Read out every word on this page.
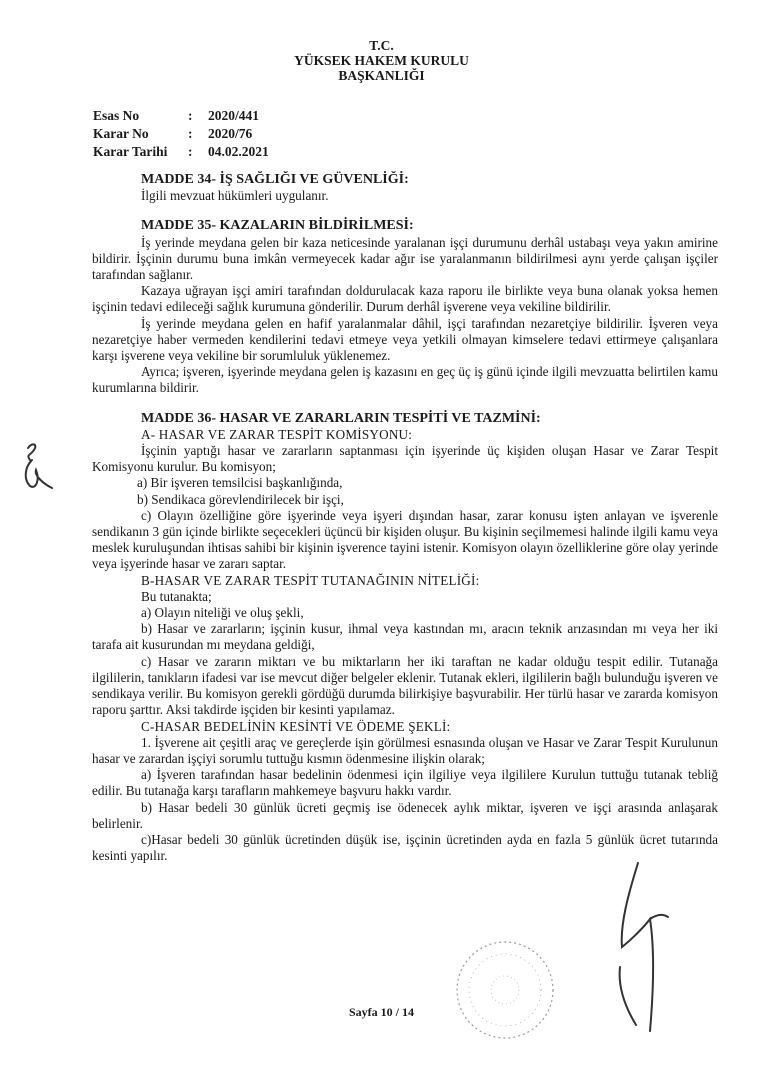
T.C.
YÜKSEK HAKEM KURULU
BAŞKANLIĞI
Esas No	:	2020/441
Karar No	:	2020/76
Karar Tarihi	:	04.02.2021
MADDE 34- İŞ SAĞLIĞI VE GÜVENLİĞİ:
İlgili mevzuat hükümleri uygulanır.
MADDE 35- KAZALARIN BİLDİRİLMESİ:

İş yerinde meydana gelen bir kaza neticesinde yaralanan işçi durumunu derhâl ustabaşı veya yakın amirine bildirir. İşçinin durumu buna imkân vermeyecek kadar ağır ise yaralanmanın bildirilmesi aynı yerde çalışan işçiler tarafından sağlanır.

Kazaya uğrayan işçi amiri tarafından doldurulacak kaza raporu ile birlikte veya buna olanak yoksa hemen işçinin tedavi edileceği sağlık kurumuna gönderilir. Durum derhâl işverene veya vekiline bildirilir.

İş yerinde meydana gelen en hafif yaralanmalar dâhil, işçi tarafından nezaretçiye bildirilir. İşveren veya nezaretçiye haber vermeden kendilerini tedavi etmeye veya yetkili olmayan kimselere tedavi ettirmeye çalışanlara karşı işverene veya vekiline bir sorumluluk yüklenemez.

Ayrıca; işveren, işyerinde meydana gelen iş kazasını en geç üç iş günü içinde ilgili mevzuatta belirtilen kamu kurumlarına bildirir.

MADDE 36- HASAR VE ZARARLARIN TESPİTİ VE TAZMİNİ:
A- HASAR VE ZARAR TESPİT KOMİSYONU:

İşçinin yaptığı hasar ve zararların saptanması için işyerinde üç kişiden oluşan Hasar ve Zarar Tespit Komisyonu kurulur. Bu komisyon;

a) Bir işveren temsilcisi başkanlığında,
b) Sendikaca görevlendirilecek bir işçi,

c) Olayın özelliğine göre işyerinde veya işyeri dışından hasar, zarar konusu işten anlayan ve işverenle sendikanın 3 gün içinde birlikte seçecekleri üçüncü bir kişiden oluşur. Bu kişinin seçilmemesi halinde ilgili kamu veya meslek kuruluşundan ihtisas sahibi bir kişinin işverence tayini istenir. Komisyon olayın özelliklerine göre olay yerinde veya işyerinde hasar ve zararı saptar.

B-HASAR VE ZARAR TESPİT TUTANAĞININ NİTELİĞİ:
Bu tutanakta;
a) Olayın niteliği ve oluş şekli,

b) Hasar ve zararların; işçinin kusur, ihmal veya kastından mı, aracın teknik arızasından mı veya her iki tarafa ait kusurundan mı meydana geldiği,

c) Hasar ve zararın miktarı ve bu miktarların her iki taraftan ne kadar olduğu tespit edilir. Tutanağa ilgililerin, tanıkların ifadesi var ise mevcut diğer belgeler eklenir. Tutanak ekleri, ilgililerin bağlı bulunduğu işveren ve sendikaya verilir. Bu komisyon gerekli gördüğü durumda bilirkişiye başvurabilir. Her türlü hasar ve zararda komisyon raporu şarttır. Aksi takdirde işçiden bir kesinti yapılamaz.

C-HASAR BEDELİNİN KESİNTİ VE ÖDEME ŞEKLİ:

1. İşverene ait çeşitli araç ve gereçlerde işin görülmesi esnasında oluşan ve Hasar ve Zarar Tespit Kurulunun hasar ve zarardan işçiyi sorumlu tuttuğu kısmın ödenmesine ilişkin olarak;

a) İşveren tarafından hasar bedelinin ödenmesi için ilgiliye veya ilgililere Kurulun tuttuğu tutanak tebliğ edilir. Bu tutanağa karşı tarafların mahkemeye başvuru hakkı vardır.

b) Hasar bedeli 30 günlük ücreti geçmiş ise ödenecek aylık miktar, işveren ve işçi arasında anlaşarak belirlenir.

c)Hasar bedeli 30 günlük ücretinden düşük ise, işçinin ücretinden ayda en fazla 5 günlük ücret tutarında kesinti yapılır.

Sayfa 10 / 14
